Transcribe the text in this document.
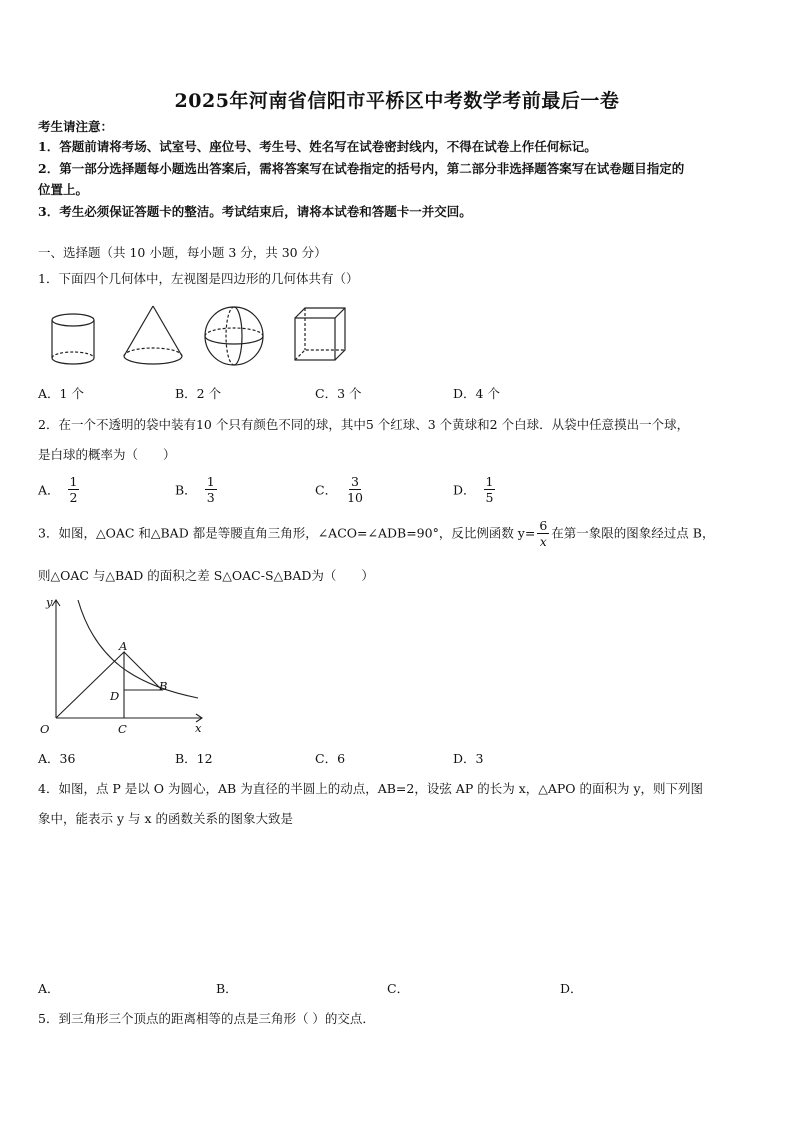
2025年河南省信阳市平桥区中考数学考前最后一卷
考生请注意：
1．答题前请将考场、试室号、座位号、考生号、姓名写在试卷密封线内，不得在试卷上作任何标记。
2．第一部分选择题每小题选出答案后，需将答案写在试卷指定的括号内，第二部分非选择题答案写在试卷题目指定的
位置上。
3．考生必须保证答题卡的整洁。考试结束后，请将本试卷和答题卡一并交回。
一、选择题（共 10 小题，每小题 3 分，共 30 分）
1．下面四个几何体中，左视图是四边形的几何体共有（）
A．1 个	B．2 个	C．3 个	D．4 个
2．在一个不透明的袋中装有10 个只有颜色不同的球，其中5 个红球、3 个黄球和2 个白球．从袋中任意摸出一个球，
是白球的概率为（　　）
A． $\frac{1}{2}$	B． $\frac{1}{3}$	C． $\frac{3}{10}$	D． $\frac{1}{5}$
3．如图，△OAC 和△BAD 都是等腰直角三角形，∠ACO=∠ADB=90°，反比例函数 $y= \frac{6}{x}$ 在第一象限的图象经过点 B，
则△OAC 与△BAD 的面积之差 S△OAC-S△BAD为（　　）
y
x
O
A
B
C
D
A．36	B．12	C．6	D．3
4．如图，点 P 是以 O 为圆心，AB 为直径的半圆上的动点，AB=2，设弦 AP 的长为 x，△APO 的面积为 y，则下列图
象中，能表示 y 与 x 的函数关系的图象大致是
A．	B．	C．	D．
5．到三角形三个顶点的距离相等的点是三角形（ ）的交点．
